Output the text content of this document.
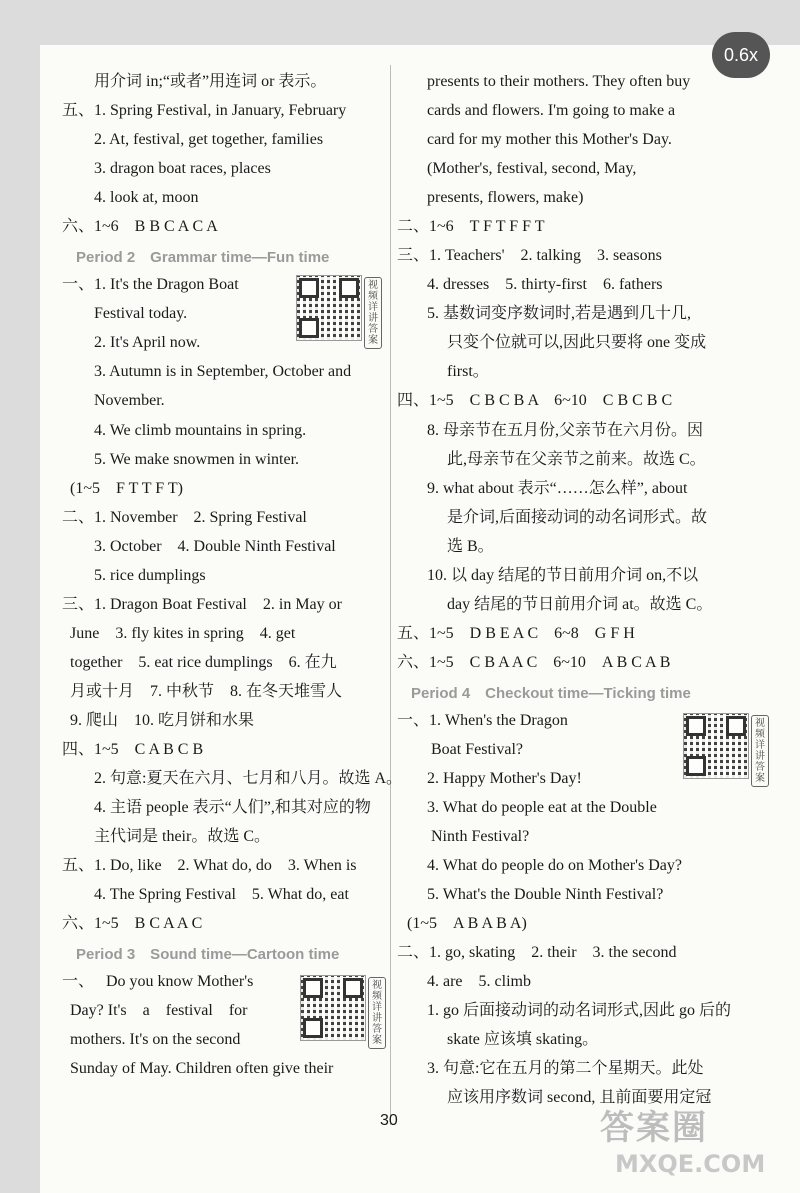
用介词 in;“或者”用连词 or 表示。
五、1. Spring Festival, in January, February
2. At, festival, get together, families
3. dragon boat races, places
4. look at, moon
六、1~6　B B C A C A
Period 2　Grammar time—Fun time
一、1. It's the Dragon Boat	视频详讲答案
Festival today.
2. It's April now.
3. Autumn is in September, October and
November.
4. We climb mountains in spring.
5. We make snowmen in winter.
(1~5　F T T F T)
二、1. November　2. Spring Festival
3. October　4. Double Ninth Festival
5. rice dumplings
三、1. Dragon Boat Festival　2. in May or
June　3. fly kites in spring　4. get
together　5. eat rice dumplings　6. 在九
月或十月　7. 中秋节　8. 在冬天堆雪人
9. 爬山　10. 吃月饼和水果
四、1~5　C A B C B
2. 句意:夏天在六月、七月和八月。故选 A。
4. 主语 people 表示“人们”,和其对应的物
主代词是 their。故选 C。
五、1. Do, like　2. What do, do　3. When is
4. The Spring Festival　5. What do, eat
六、1~5　B C A A C
Period 3　Sound time—Cartoon time
一、 Do you know Mother's	视频详讲答案
Day? It's　a　festival　for
mothers. It's on the second
Sunday of May. Children often give their
presents to their mothers. They often buy
cards and flowers. I'm going to make a
card for my mother this Mother's Day.
(Mother's, festival, second, May,
presents, flowers, make)
二、1~6　T F T F F T
三、1. Teachers'　2. talking　3. seasons
4. dresses　5. thirty-first　6. fathers
5. 基数词变序数词时,若是遇到几十几,
只变个位就可以,因此只要将 one 变成
first。
四、1~5　C B C B A　6~10　C B C B C
8. 母亲节在五月份,父亲节在六月份。因
此,母亲节在父亲节之前来。故选 C。
9. what about 表示“……怎么样”, about
是介词,后面接动词的动名词形式。故
选 B。
10. 以 day 结尾的节日前用介词 on,不以
day 结尾的节日前用介词 at。故选 C。
五、1~5　D B E A C　6~8　G F H
六、1~5　C B A A C　6~10　A B C A B
Period 4　Checkout time—Ticking time
一、1. When's the Dragon	视频详讲答案
Boat Festival?
2. Happy Mother's Day!
3. What do people eat at the Double
Ninth Festival?
4. What do people do on Mother's Day?
5. What's the Double Ninth Festival?
(1~5　A B A B A)
二、1. go, skating　2. their　3. the second
4. are　5. climb
1. go 后面接动词的动名词形式,因此 go 后的
skate 应该填 skating。
3. 句意:它在五月的第二个星期天。此处
应该用序数词 second, 且前面要用定冠
30
0.6x
答案圈
MXQE.COM
